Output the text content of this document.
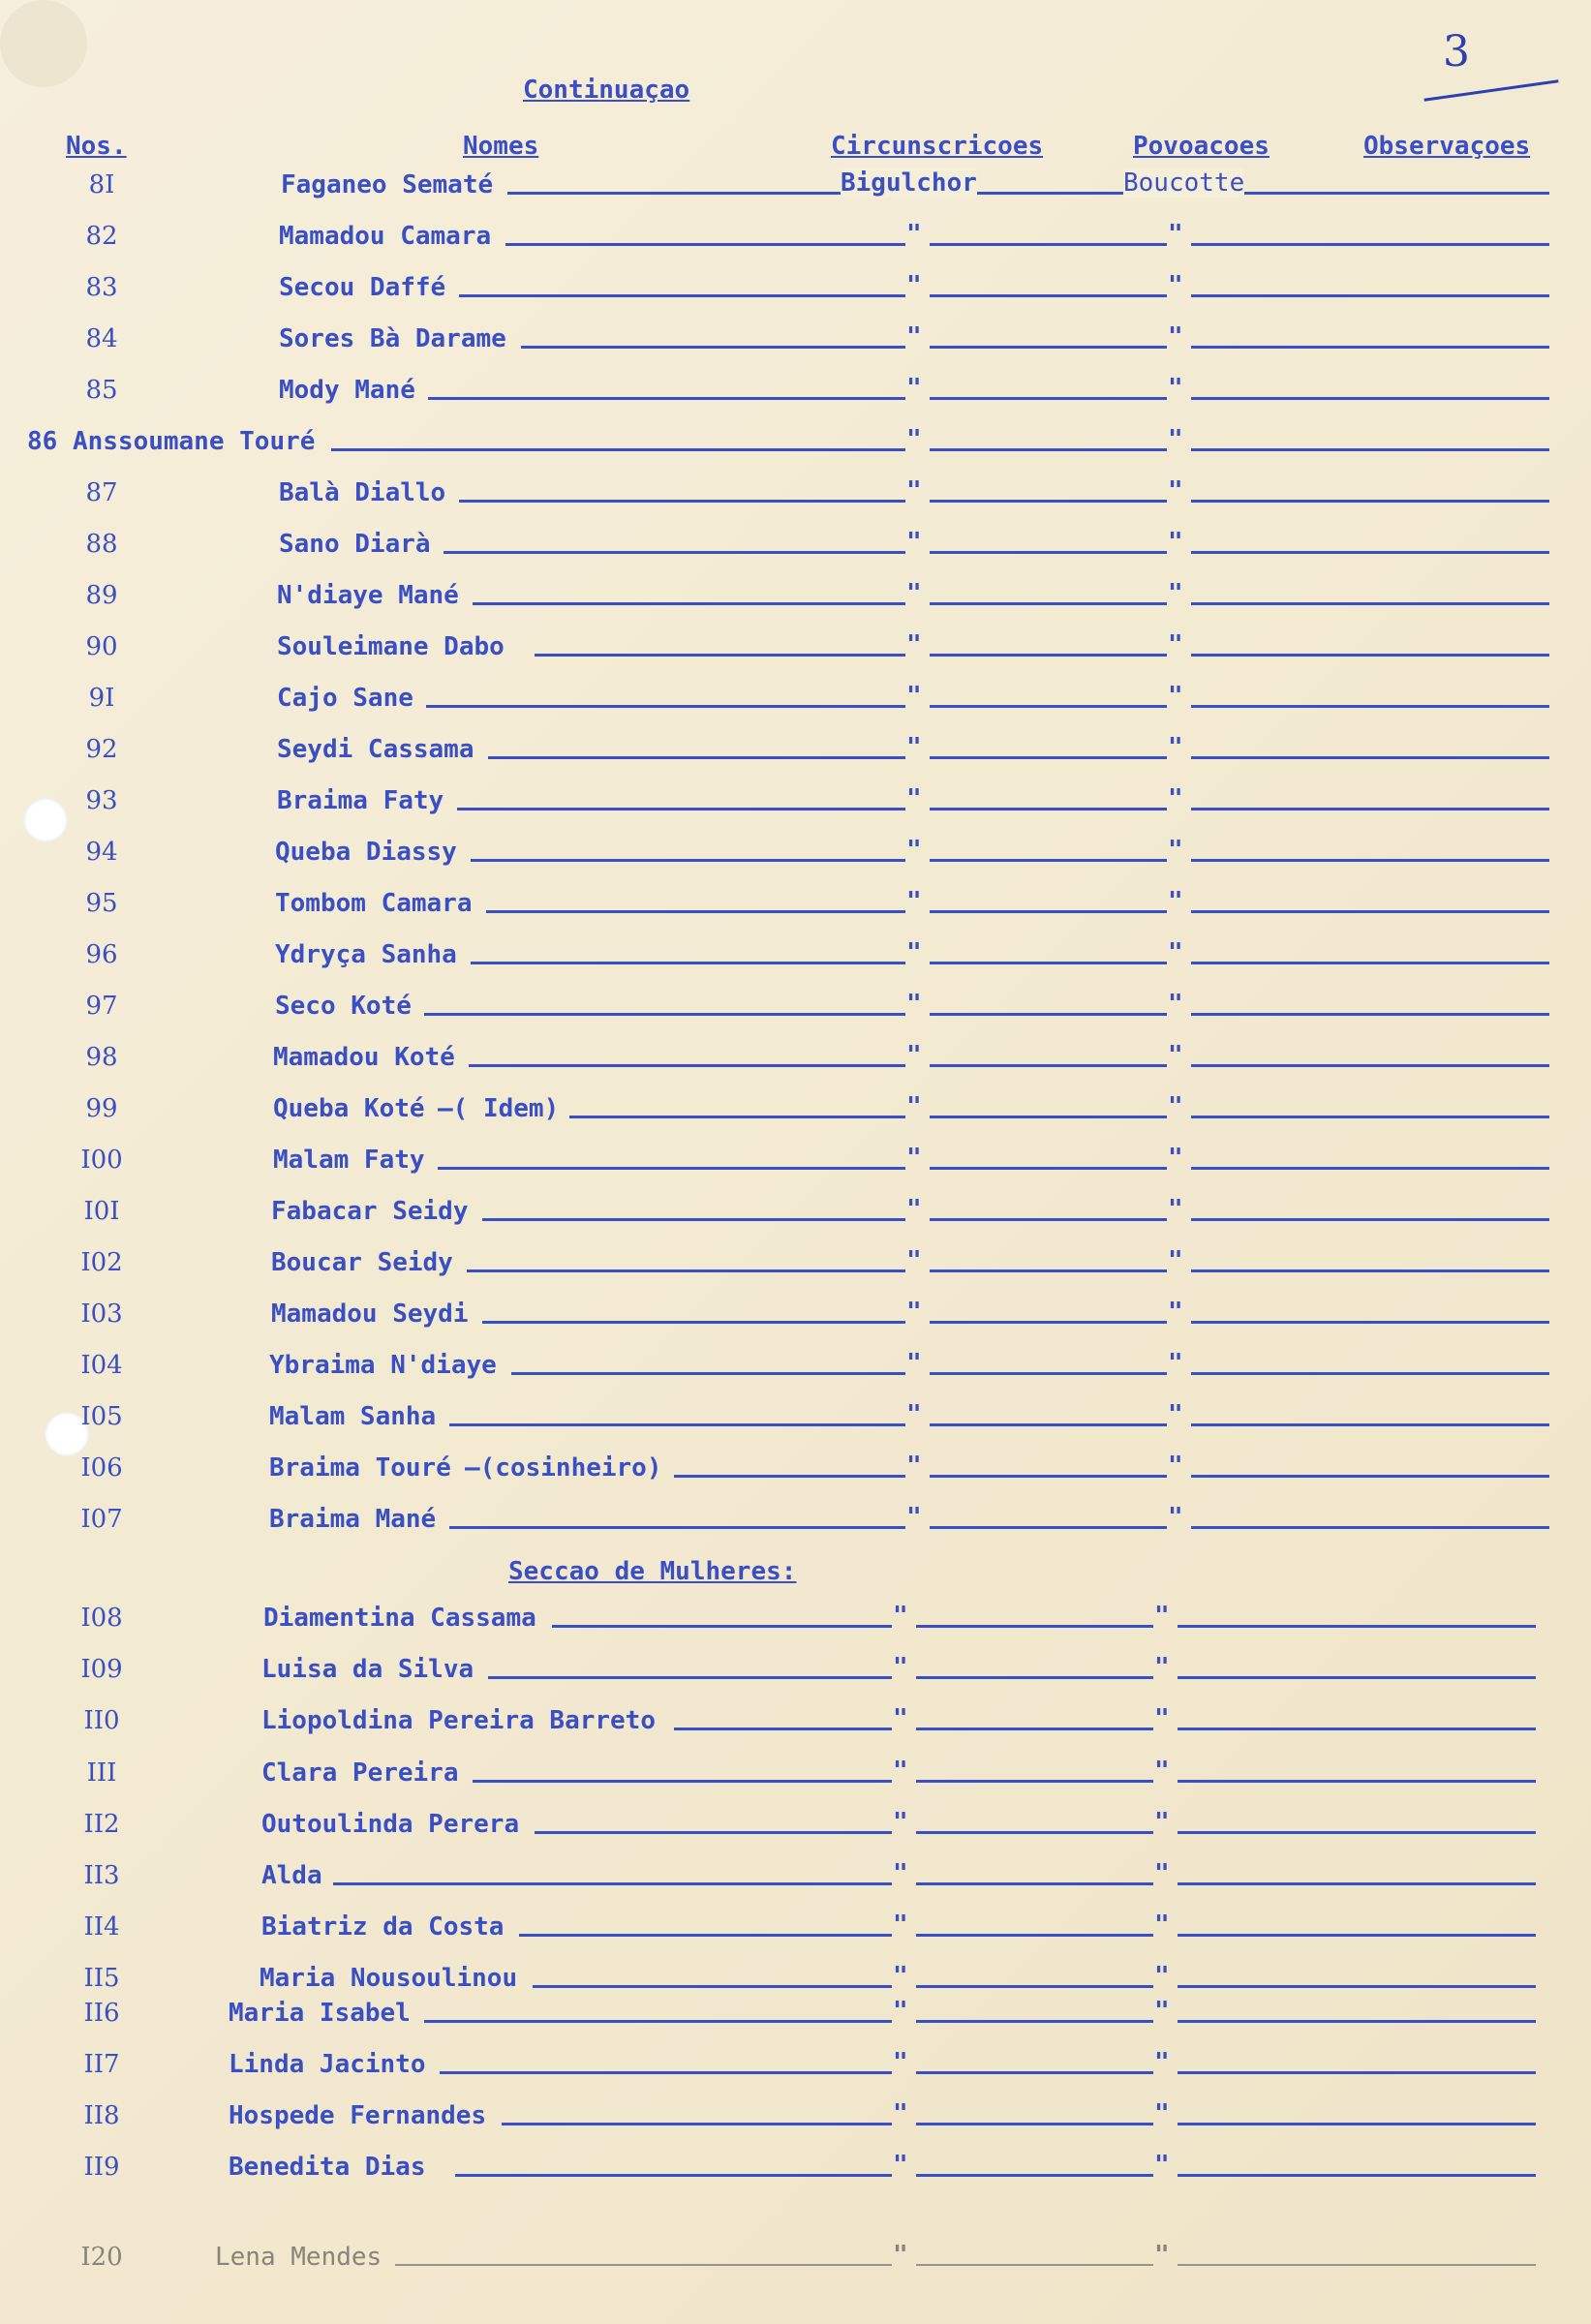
3
Continuaçao
Nos.	Nomes	Circunscricoes	Povoacoes	Observaçoes
8I	Faganeo Sematé	Bigulchor	Boucotte
82	Mamadou Camara	"	"
83	Secou Daffé	"	"
84	Sores Bà Darame	"	"
85	Mody Mané	"	"
86 Anssoumane Touré	"	"
87	Balà Diallo	"	"
88	Sano Diarà	"	"
89	N'diaye Mané	"	"
90	Souleimane Dabo	"	"
9I	Cajo Sane	"	"
92	Seydi Cassama	"	"
93	Braima Faty	"	"
94	Queba Diassy	"	"
95	Tombom Camara	"	"
96	Ydryça Sanha	"	"
97	Seco Koté	"	"
98	Mamadou Koté	"	"
99	Queba Koté —( Idem)	"	"
I00	Malam Faty	"	"
I0I	Fabacar Seidy	"	"
I02	Boucar Seidy	"	"
I03	Mamadou Seydi	"	"
I04	Ybraima N'diaye	"	"
I05	Malam Sanha	"	"
I06	Braima Touré —(cosinheiro)	"	"
I07	Braima Mané	"	"
I08	Diamentina Cassama	"	"
I09	Luisa da Silva	"	"
II0	Liopoldina Pereira Barreto	"	"
III	Clara Pereira	"	"
II2	Outoulinda Perera	"	"
II3	Alda	"	"
II4	Biatriz da Costa	"	"
II5	Maria Nousoulinou	"	"
II6	Maria Isabel	"	"
II7	Linda Jacinto	"	"
II8	Hospede Fernandes	"	"
II9	Benedita Dias	"	"
I20	Lena Mendes	"	"
Seccao de Mulheres:
